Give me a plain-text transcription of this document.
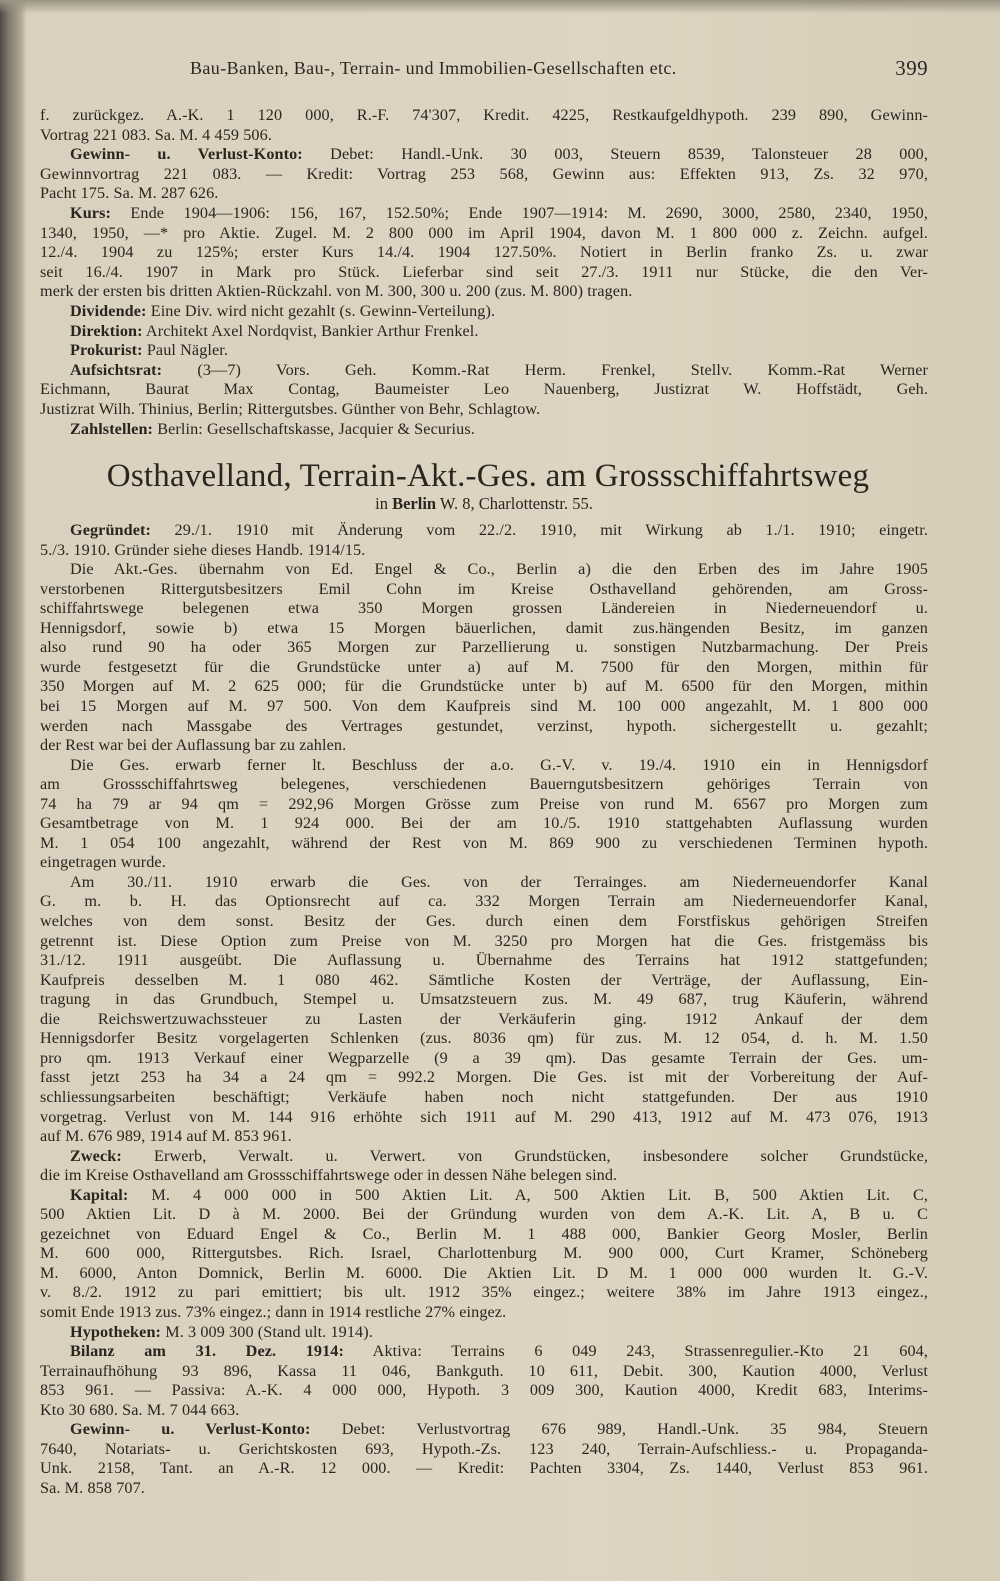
Bau-Banken, Bau-, Terrain- und Immobilien-Gesellschaften etc.	399
f. zurückgez. A.-K. 1 120 000, R.-F. 74'307, Kredit. 4225, Restkaufgeldhypoth. 239 890, Gewinn-
Vortrag 221 083. Sa. M. 4 459 506.
Gewinn- u. Verlust-Konto: Debet: Handl.-Unk. 30 003, Steuern 8539, Talonsteuer 28 000,
Gewinnvortrag 221 083. — Kredit: Vortrag 253 568, Gewinn aus: Effekten 913, Zs. 32 970,
Pacht 175. Sa. M. 287 626.
Kurs: Ende 1904—1906: 156, 167, 152.50%; Ende 1907—1914: M. 2690, 3000, 2580, 2340, 1950,
1340, 1950, —* pro Aktie. Zugel. M. 2 800 000 im April 1904, davon M. 1 800 000 z. Zeichn. aufgel.
12./4. 1904 zu 125%; erster Kurs 14./4. 1904 127.50%. Notiert in Berlin franko Zs. u. zwar
seit 16./4. 1907 in Mark pro Stück. Lieferbar sind seit 27./3. 1911 nur Stücke, die den Ver-
merk der ersten bis dritten Aktien-Rückzahl. von M. 300, 300 u. 200 (zus. M. 800) tragen.
Dividende: Eine Div. wird nicht gezahlt (s. Gewinn-Verteilung).
Direktion: Architekt Axel Nordqvist, Bankier Arthur Frenkel.
Prokurist: Paul Nägler.
Aufsichtsrat: (3—7) Vors. Geh. Komm.-Rat Herm. Frenkel, Stellv. Komm.-Rat Werner
Eichmann, Baurat Max Contag, Baumeister Leo Nauenberg, Justizrat W. Hoffstädt, Geh.
Justizrat Wilh. Thinius, Berlin; Rittergutsbes. Günther von Behr, Schlagtow.
Zahlstellen: Berlin: Gesellschaftskasse, Jacquier & Securius.
Osthavelland, Terrain-Akt.-Ges. am Grossschiffahrtsweg
in Berlin W. 8, Charlottenstr. 55.
Gegründet: 29./1. 1910 mit Änderung vom 22./2. 1910, mit Wirkung ab 1./1. 1910; eingetr.
5./3. 1910. Gründer siehe dieses Handb. 1914/15.
Die Akt.-Ges. übernahm von Ed. Engel & Co., Berlin a) die den Erben des im Jahre 1905
verstorbenen Rittergutsbesitzers Emil Cohn im Kreise Osthavelland gehörenden, am Gross-
schiffahrtswege belegenen etwa 350 Morgen grossen Ländereien in Niederneuendorf u.
Hennigsdorf, sowie b) etwa 15 Morgen bäuerlichen, damit zus.hängenden Besitz, im ganzen
also rund 90 ha oder 365 Morgen zur Parzellierung u. sonstigen Nutzbarmachung. Der Preis
wurde festgesetzt für die Grundstücke unter a) auf M. 7500 für den Morgen, mithin für
350 Morgen auf M. 2 625 000; für die Grundstücke unter b) auf M. 6500 für den Morgen, mithin
bei 15 Morgen auf M. 97 500. Von dem Kaufpreis sind M. 100 000 angezahlt, M. 1 800 000
werden nach Massgabe des Vertrages gestundet, verzinst, hypoth. sichergestellt u. gezahlt;
der Rest war bei der Auflassung bar zu zahlen.
Die Ges. erwarb ferner lt. Beschluss der a.o. G.-V. v. 19./4. 1910 ein in Hennigsdorf
am Grossschiffahrtsweg belegenes, verschiedenen Bauerngutsbesitzern gehöriges Terrain von
74 ha 79 ar 94 qm = 292,96 Morgen Grösse zum Preise von rund M. 6567 pro Morgen zum
Gesamtbetrage von M. 1 924 000. Bei der am 10./5. 1910 stattgehabten Auflassung wurden
M. 1 054 100 angezahlt, während der Rest von M. 869 900 zu verschiedenen Terminen hypoth.
eingetragen wurde.
Am 30./11. 1910 erwarb die Ges. von der Terrainges. am Niederneuendorfer Kanal
G. m. b. H. das Optionsrecht auf ca. 332 Morgen Terrain am Niederneuendorfer Kanal,
welches von dem sonst. Besitz der Ges. durch einen dem Forstfiskus gehörigen Streifen
getrennt ist. Diese Option zum Preise von M. 3250 pro Morgen hat die Ges. fristgemäss bis
31./12. 1911 ausgeübt. Die Auflassung u. Übernahme des Terrains hat 1912 stattgefunden;
Kaufpreis desselben M. 1 080 462. Sämtliche Kosten der Verträge, der Auflassung, Ein-
tragung in das Grundbuch, Stempel u. Umsatzsteuern zus. M. 49 687, trug Käuferin, während
die Reichswertzuwachssteuer zu Lasten der Verkäuferin ging. 1912 Ankauf der dem
Hennigsdorfer Besitz vorgelagerten Schlenken (zus. 8036 qm) für zus. M. 12 054, d. h. M. 1.50
pro qm. 1913 Verkauf einer Wegparzelle (9 a 39 qm). Das gesamte Terrain der Ges. um-
fasst jetzt 253 ha 34 a 24 qm = 992.2 Morgen. Die Ges. ist mit der Vorbereitung der Auf-
schliessungsarbeiten beschäftigt; Verkäufe haben noch nicht stattgefunden. Der aus 1910
vorgetrag. Verlust von M. 144 916 erhöhte sich 1911 auf M. 290 413, 1912 auf M. 473 076, 1913
auf M. 676 989, 1914 auf M. 853 961.
Zweck: Erwerb, Verwalt. u. Verwert. von Grundstücken, insbesondere solcher Grundstücke,
die im Kreise Osthavelland am Grossschiffahrtswege oder in dessen Nähe belegen sind.
Kapital: M. 4 000 000 in 500 Aktien Lit. A, 500 Aktien Lit. B, 500 Aktien Lit. C,
500 Aktien Lit. D à M. 2000. Bei der Gründung wurden von dem A.-K. Lit. A, B u. C
gezeichnet von Eduard Engel & Co., Berlin M. 1 488 000, Bankier Georg Mosler, Berlin
M. 600 000, Rittergutsbes. Rich. Israel, Charlottenburg M. 900 000, Curt Kramer, Schöneberg
M. 6000, Anton Domnick, Berlin M. 6000. Die Aktien Lit. D M. 1 000 000 wurden lt. G.-V.
v. 8./2. 1912 zu pari emittiert; bis ult. 1912 35% eingez.; weitere 38% im Jahre 1913 eingez.,
somit Ende 1913 zus. 73% eingez.; dann in 1914 restliche 27% eingez.
Hypotheken: M. 3 009 300 (Stand ult. 1914).
Bilanz am 31. Dez. 1914: Aktiva: Terrains 6 049 243, Strassenregulier.-Kto 21 604,
Terrainaufhöhung 93 896, Kassa 11 046, Bankguth. 10 611, Debit. 300, Kaution 4000, Verlust
853 961. — Passiva: A.-K. 4 000 000, Hypoth. 3 009 300, Kaution 4000, Kredit 683, Interims-
Kto 30 680. Sa. M. 7 044 663.
Gewinn- u. Verlust-Konto: Debet: Verlustvortrag 676 989, Handl.-Unk. 35 984, Steuern
7640, Notariats- u. Gerichtskosten 693, Hypoth.-Zs. 123 240, Terrain-Aufschliess.- u. Propaganda-
Unk. 2158, Tant. an A.-R. 12 000. — Kredit: Pachten 3304, Zs. 1440, Verlust 853 961.
Sa. M. 858 707.
